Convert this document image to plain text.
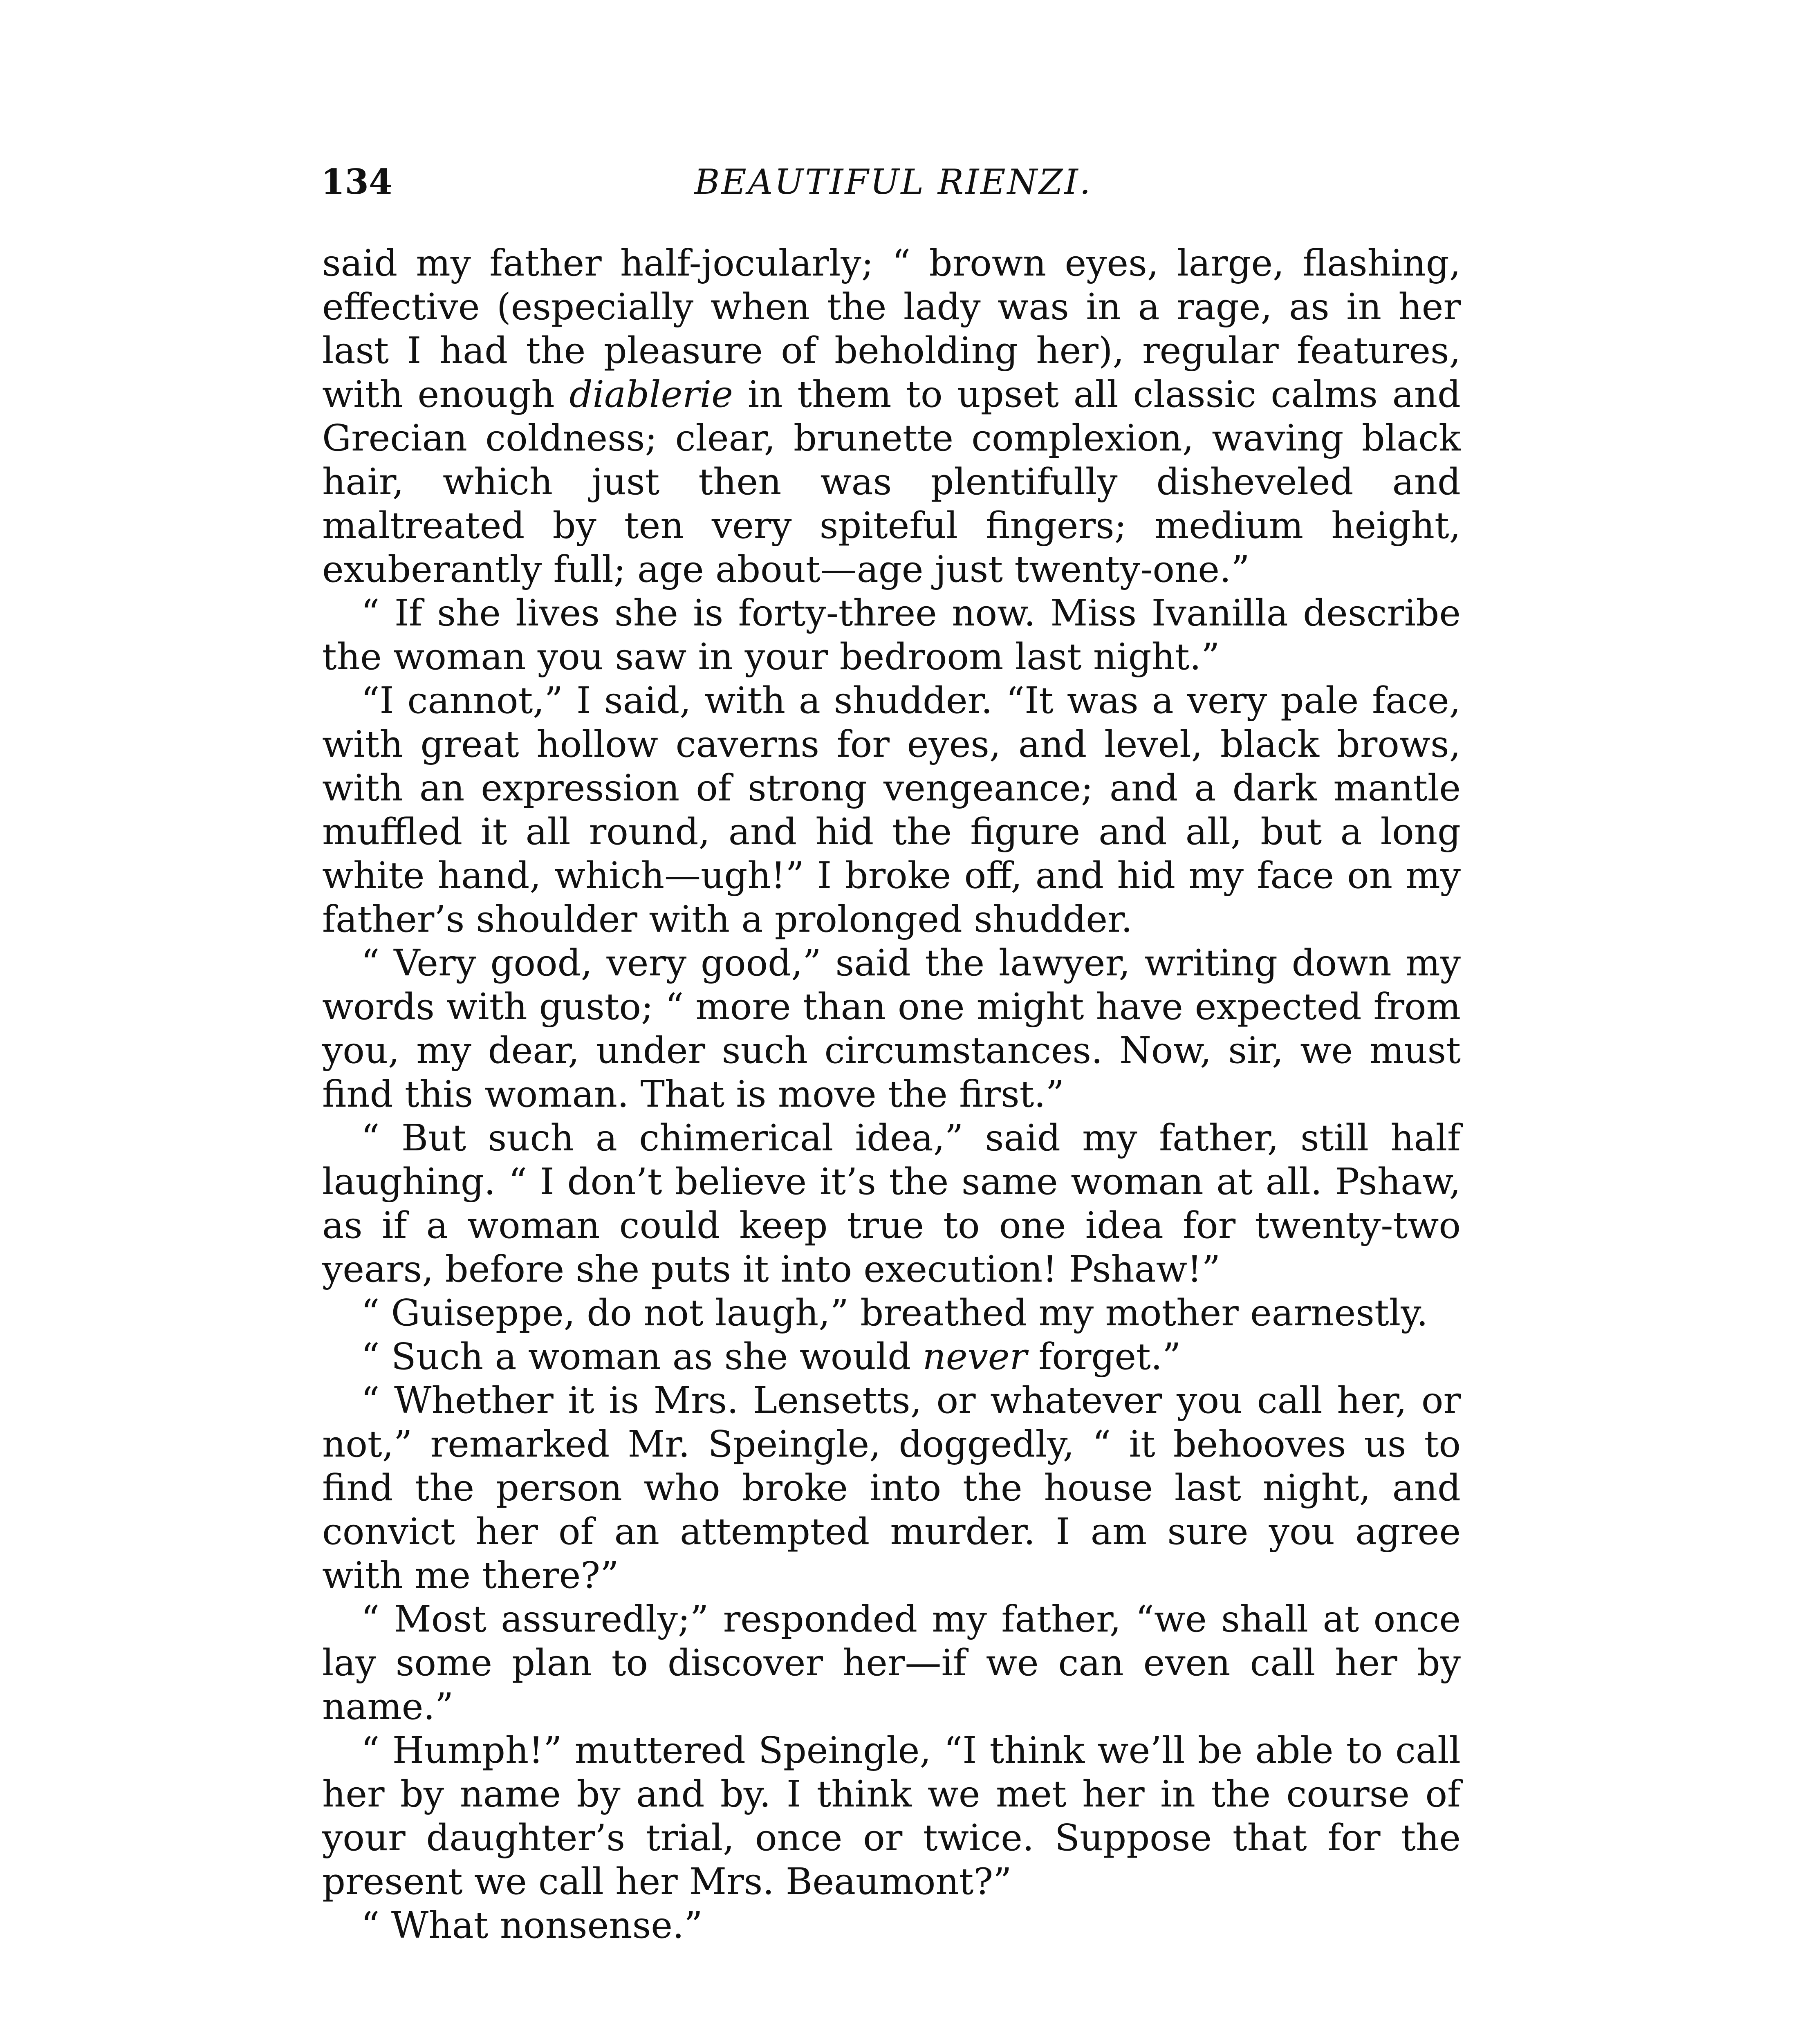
134	BEAUTIFUL RIENZI.

said my father half-jocularly; “ brown eyes, large, flashing, effective (especially when the lady was in a rage, as in her last I had the pleasure of beholding her), regular features, with enough diablerie in them to upset all classic calms and Grecian coldness; clear, brunette complexion, waving black hair, which just then was plentifully disheveled and maltreated by ten very spiteful fingers; medium height, exuberantly full; age about—age just twenty-one.”

“ If she lives she is forty-three now. Miss Ivanilla describe the woman you saw in your bedroom last night.”

“I cannot,” I said, with a shudder. “It was a very pale face, with great hollow caverns for eyes, and level, black brows, with an expression of strong vengeance; and a dark mantle muffled it all round, and hid the figure and all, but a long white hand, which—ugh!” I broke off, and hid my face on my father’s shoulder with a prolonged shudder.

“ Very good, very good,” said the lawyer, writing down my words with gusto; “ more than one might have expected from you, my dear, under such circumstances. Now, sir, we must find this woman. That is move the first.”

“ But such a chimerical idea,” said my father, still half laughing. “ I don’t believe it’s the same woman at all. Pshaw, as if a woman could keep true to one idea for twenty-two years, before she puts it into execution! Pshaw!”

“ Guiseppe, do not laugh,” breathed my mother earnestly.

“ Such a woman as she would never forget.”

“ Whether it is Mrs. Lensetts, or whatever you call her, or not,” remarked Mr. Speingle, doggedly, “ it behooves us to find the person who broke into the house last night, and convict her of an attempted murder. I am sure you agree with me there?”

“ Most assuredly;” responded my father, “we shall at once lay some plan to discover her—if we can even call her by name.”

“ Humph!” muttered Speingle, “I think we’ll be able to call her by name by and by. I think we met her in the course of your daughter’s trial, once or twice. Suppose that for the present we call her Mrs. Beaumont?”

“ What nonsense.”
